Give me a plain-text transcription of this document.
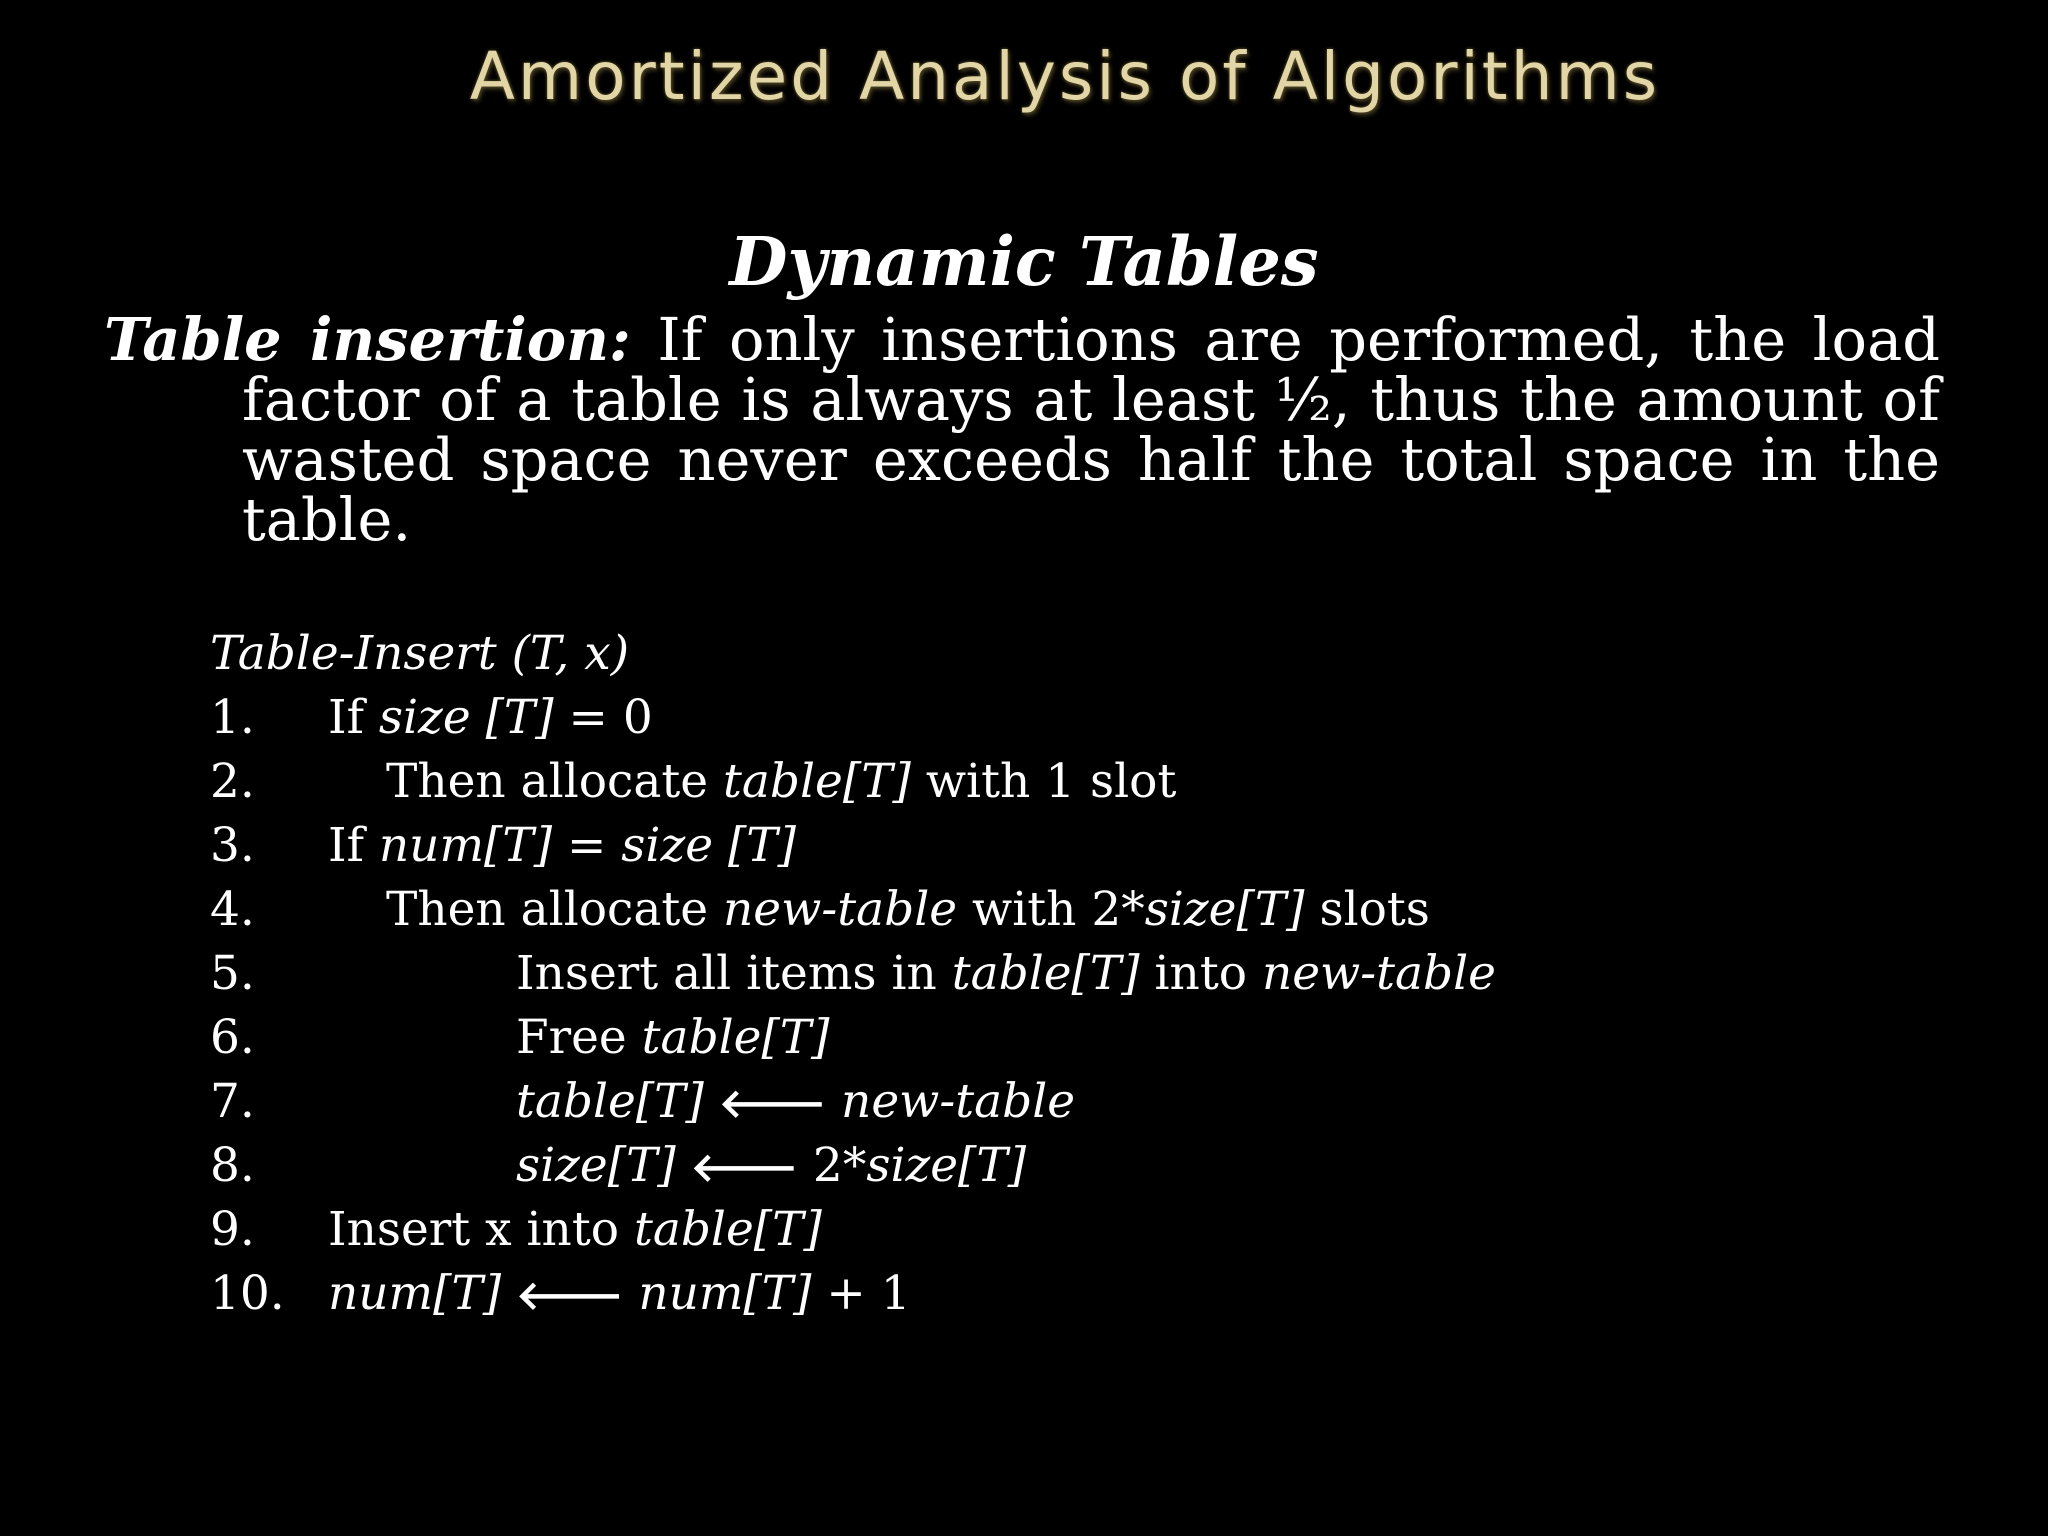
Amortized Analysis of Algorithms
Dynamic Tables
Table insertion: If only insertions are performed, the load factor of a table is always at least ½, thus the amount of wasted space never exceeds half the total space in the table.
Table-Insert (T, x)
1. If size [T] = 0
2.	Then allocate table[T] with 1 slot
3. If num[T] = size [T]
4.	Then allocate new-table with 2*size[T] slots
5.	Insert all items in table[T] into new-table
6.	Free table[T]
7.	table[T] 🡐 new-table
8.	size[T] 🡐 2*size[T]
9. Insert x into table[T]
10. num[T] 🡐 num[T] + 1
